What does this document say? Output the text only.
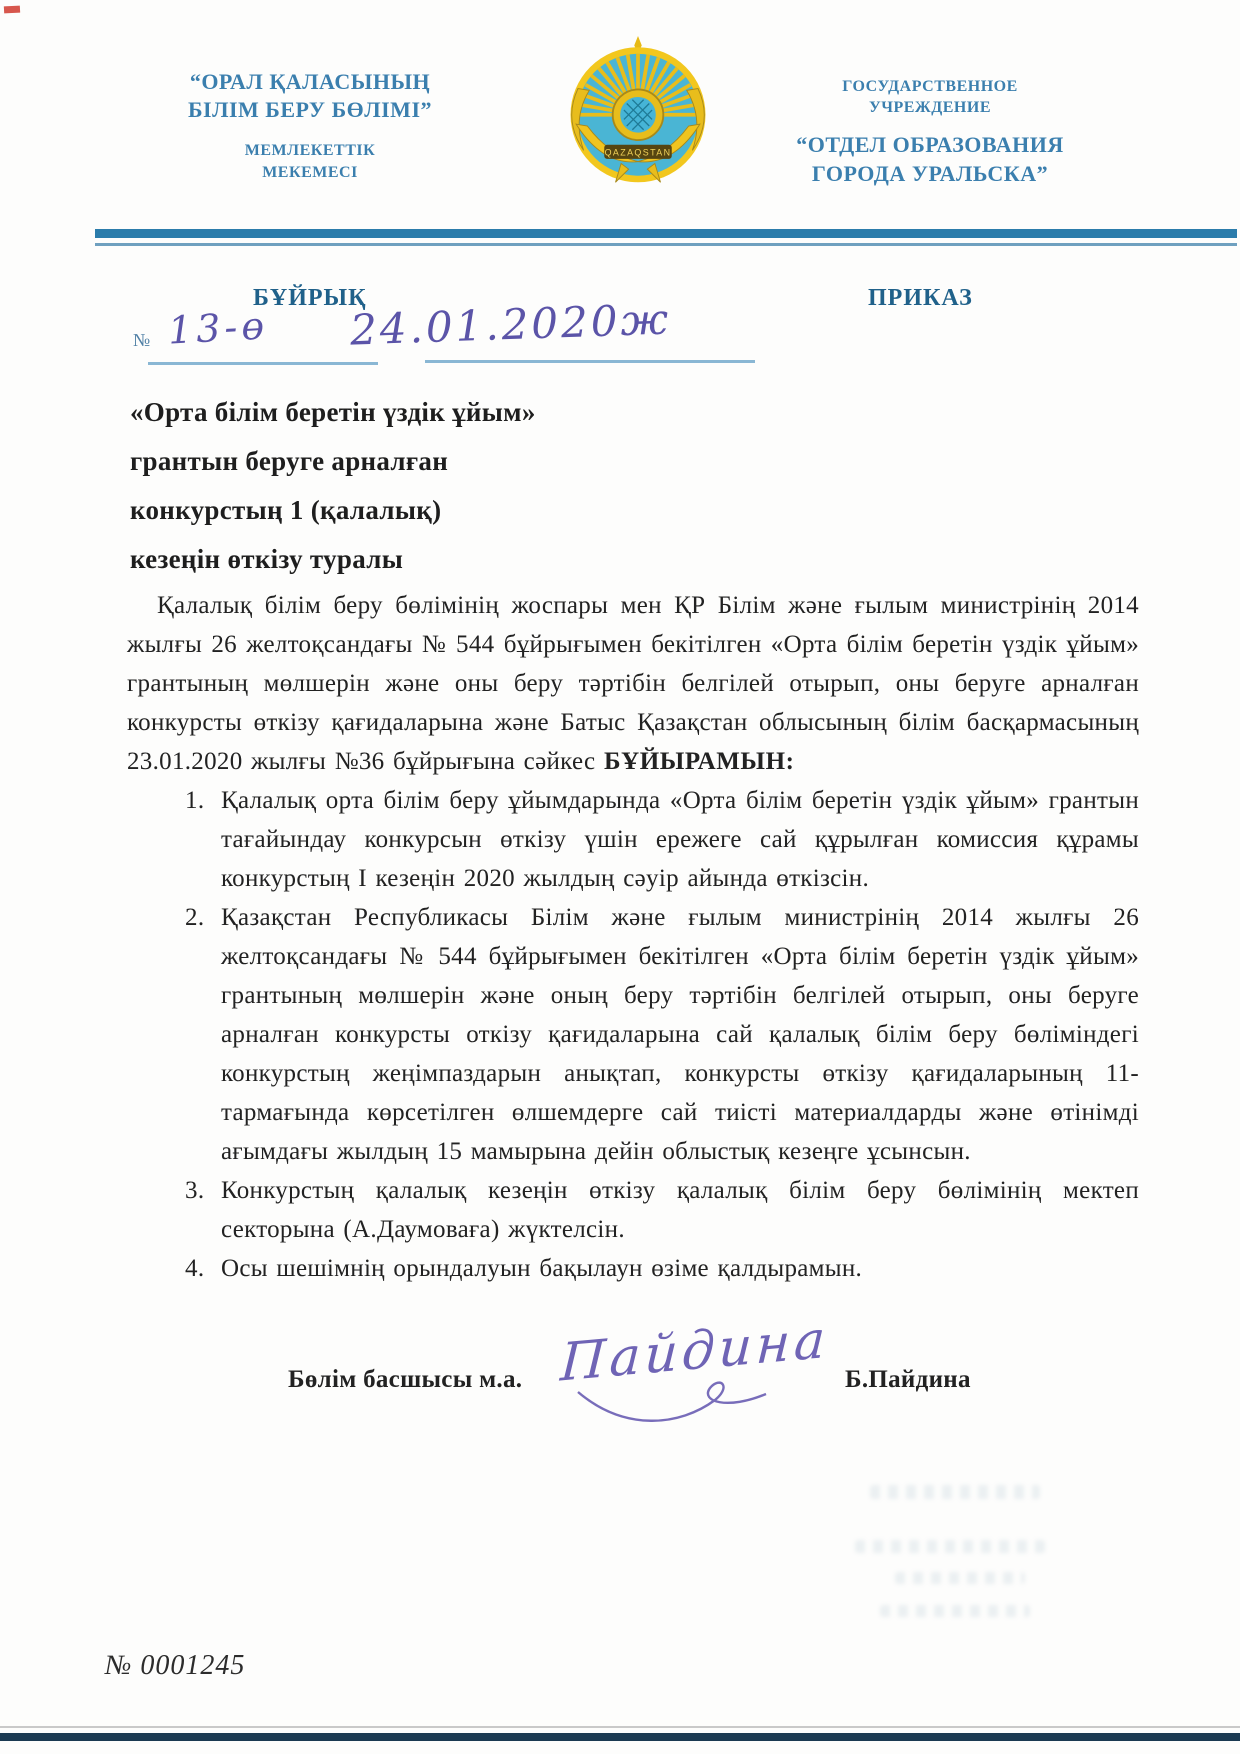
“ОРАЛ ҚАЛАСЫНЫҢ
БІЛІМ БЕРУ БӨЛІМІ”
МЕМЛЕКЕТТІК
МЕКЕМЕСІ
QAZAQSTAN
ГОСУДАРСТВЕННОЕ
УЧРЕЖДЕНИЕ
“ОТДЕЛ ОБРАЗОВАНИЯ
ГОРОДА УРАЛЬСКА”
БҰЙРЫҚ	ПРИКАЗ
№ 13-ө 24.01.2020ж
«Орта білім беретін үздік ұйым»
грантын беруге арналған
конкурстың 1 (қалалық)
кезеңін өткізу туралы

Қалалық білім беру бөлімінің жоспары мен ҚР Білім және ғылым министрінің 2014 жылғы 26 желтоқсандағы № 544 бұйрығымен бекітілген «Орта білім беретін үздік ұйым» грантының мөлшерін және оны беру тәртібін белгілей отырып, оны беруге арналған конкурсты өткізу қағидаларына және Батыс Қазақстан облысының білім басқармасының 23.01.2020 жылғы №36 бұйрығына сәйкес БҰЙЫРАМЫН:

Қалалық орта білім беру ұйымдарында «Орта білім беретін үздік ұйым» грантын тағайындау конкурсын өткізу үшін ережеге сай құрылған комиссия құрамы конкурстың I кезеңін 2020 жылдың сәуір айында өткізсін.
Қазақстан Республикасы Білім және ғылым министрінің 2014 жылғы 26 желтоқсандағы № 544 бұйрығымен бекітілген «Орта білім беретін үздік ұйым» грантының мөлшерін және оның беру тәртібін белгілей отырып, оны беруге арналған конкурсты откізу қағидаларына сай қалалық білім беру бөліміндегі конкурстың жеңімпаздарын анықтап, конкурсты өткізу қағидаларының 11-тармағында көрсетілген өлшемдерге сай тиісті материалдарды және өтінімді ағымдағы жылдың 15 мамырына дейін облыстық кезеңге ұсынсын.
Конкурстың қалалық кезеңін өткізу қалалық білім беру бөлімінің мектеп секторына (А.Даумоваға) жүктелсін.
Осы шешімнің орындалуын бақылаун өзіме қалдырамын.
Бөлім басшысы м.а. Пайдина Б.Пайдина
№ 0001245
